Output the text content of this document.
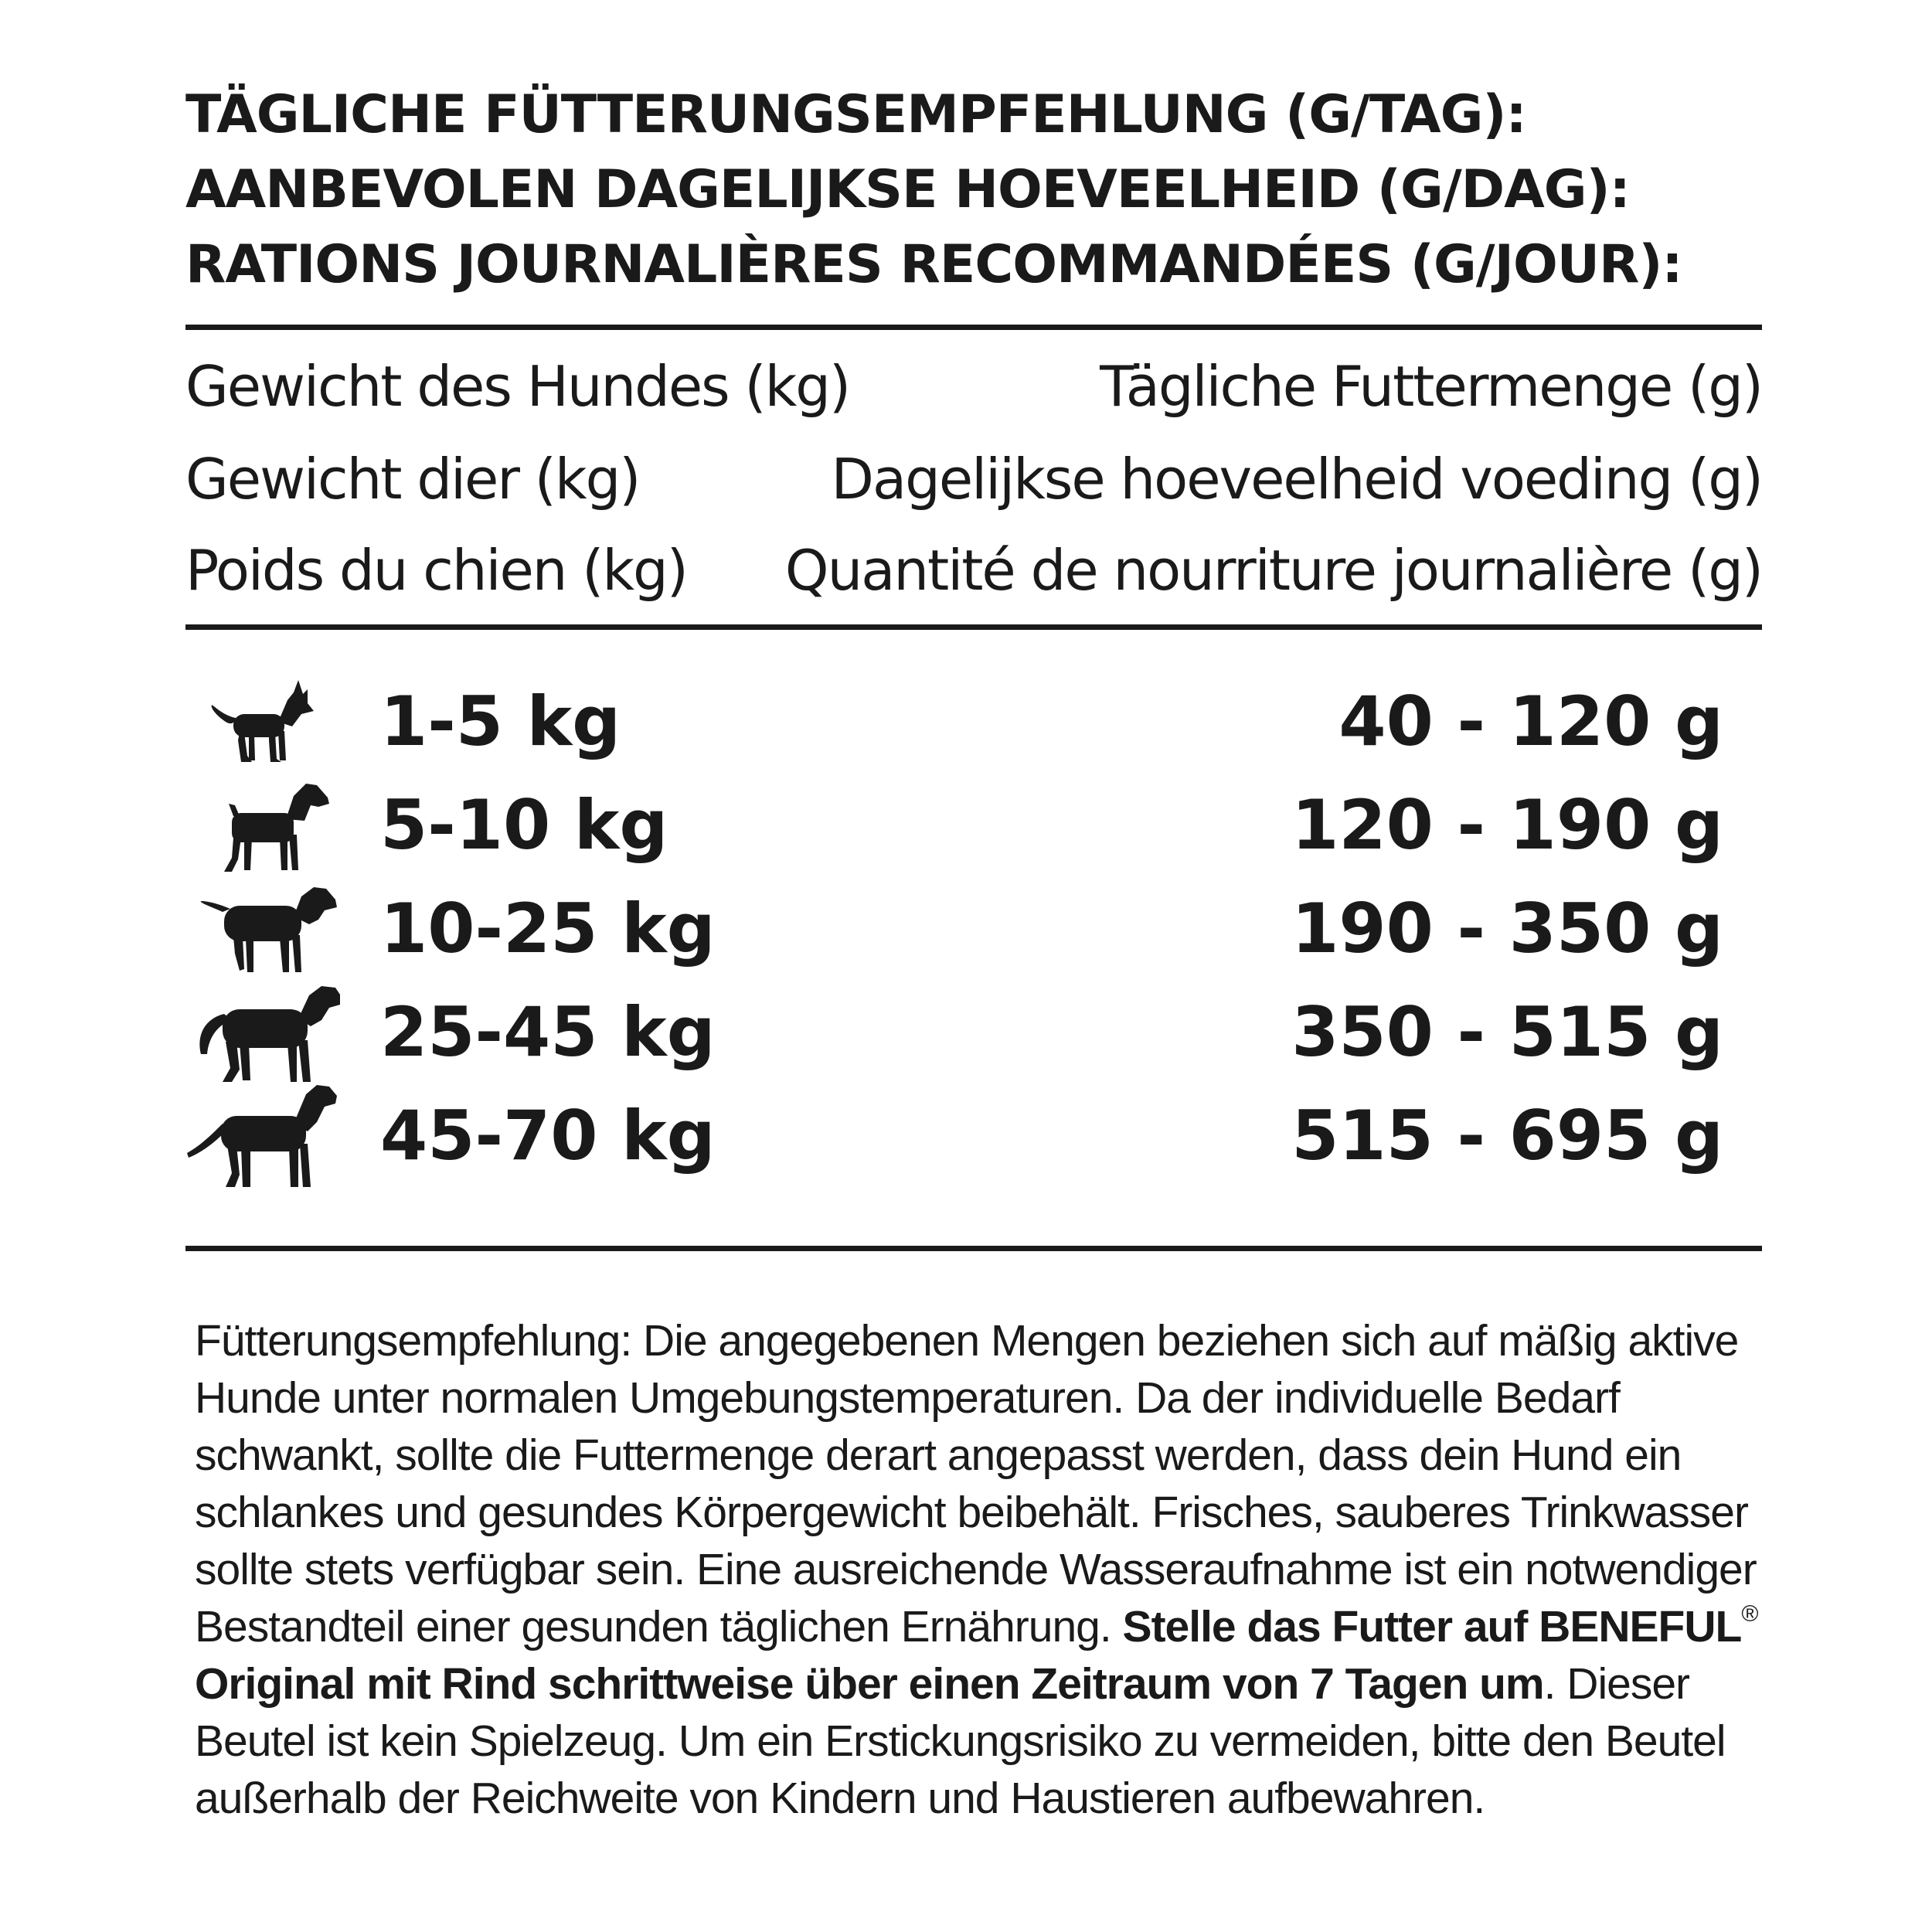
TÄGLICHE FÜTTERUNGSEMPFEHLUNG (G/TAG):
AANBEVOLEN DAGELIJKSE HOEVEELHEID (G/DAG):
RATIONS JOURNALIÈRES RECOMMANDÉES (G/JOUR):
Gewicht des Hundes (kg)	Tägliche Futtermenge (g)
Gewicht dier (kg)	Dagelijkse hoeveelheid voeding (g)
Poids du chien (kg) Quantité de nourriture journalière (g)
1-5 kg	40 - 120 g
5-10 kg	120 - 190 g
10-25 kg	190 - 350 g
25-45 kg	350 - 515 g
45-70 kg	515 - 695 g
Fütterungsempfehlung: Die angegebenen Mengen beziehen sich auf mäßig aktive Hunde unter normalen Umgebungstemperaturen. Da der individuelle Bedarf schwankt, sollte die Futtermenge derart angepasst werden, dass dein Hund ein schlankes und gesundes Körpergewicht beibehält. Frisches, sauberes Trinkwasser sollte stets verfügbar sein. Eine ausreichende Wasseraufnahme ist ein notwendiger Bestandteil einer gesunden täglichen Ernährung. Stelle das Futter auf BENEFUL® Original mit Rind schrittweise über einen Zeitraum von 7 Tagen um. Dieser Beutel ist kein Spielzeug. Um ein Erstickungsrisiko zu vermeiden, bitte den Beutel außerhalb der Reichweite von Kindern und Haustieren aufbewahren.
